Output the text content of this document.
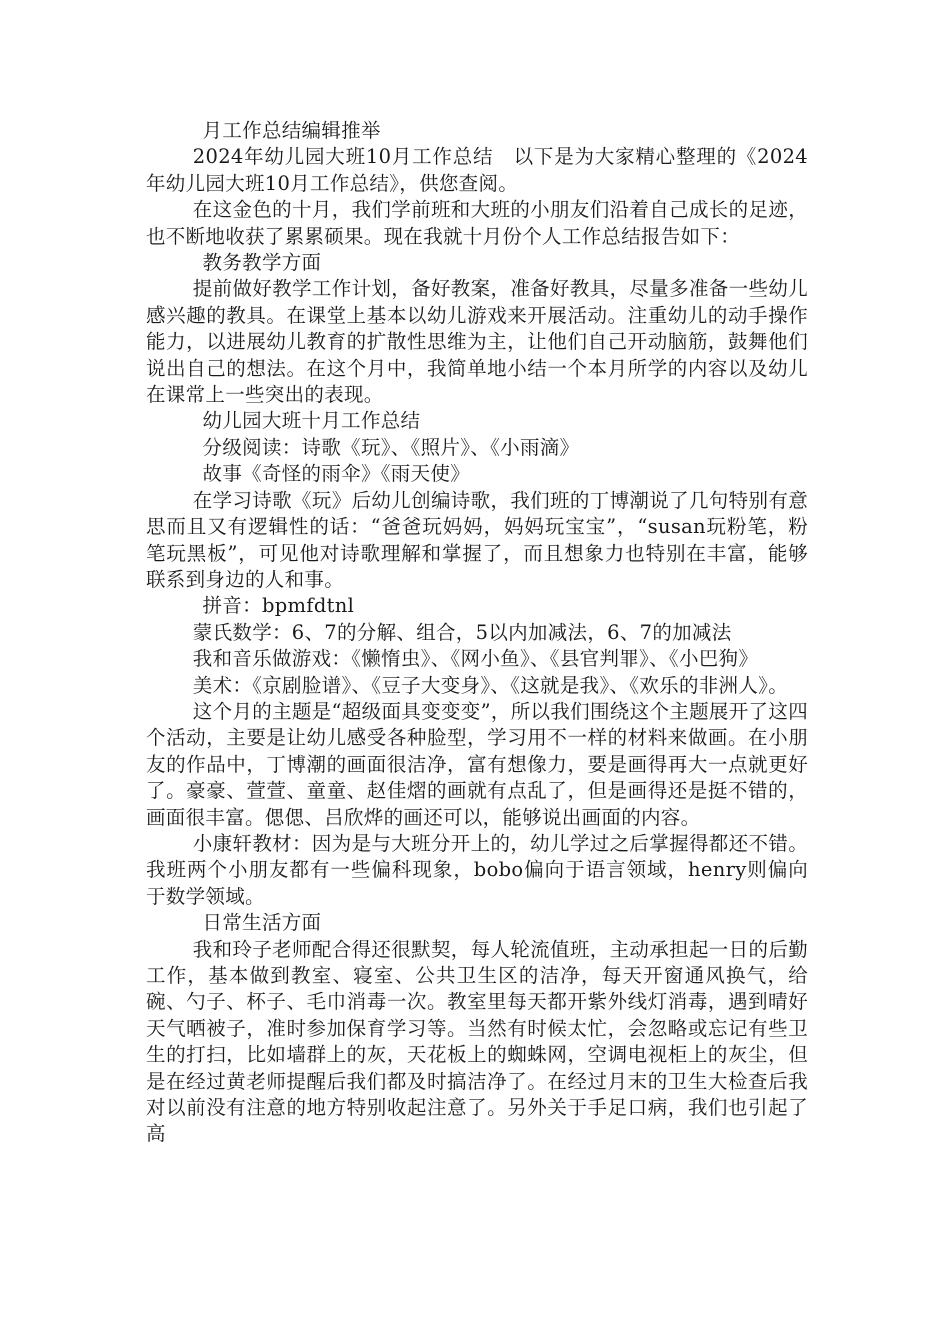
月工作总结编辑推举

2024年幼儿园大班10月工作总结　以下是为大家精心整理的《2024年幼儿园大班10月工作总结》，供您查阅。

在这金色的十月，我们学前班和大班的小朋友们沿着自己成长的足迹，也不断地收获了累累硕果。现在我就十月份个人工作总结报告如下：

教务教学方面

提前做好教学工作计划，备好教案，准备好教具，尽量多准备一些幼儿感兴趣的教具。在课堂上基本以幼儿游戏来开展活动。注重幼儿的动手操作能力，以进展幼儿教育的扩散性思维为主，让他们自己开动脑筋，鼓舞他们说出自己的想法。在这个月中，我简单地小结一个本月所学的内容以及幼儿在课常上一些突出的表现。

幼儿园大班十月工作总结

分级阅读：诗歌《玩》、《照片》、《小雨滴》

故事《奇怪的雨伞》《雨天使》

在学习诗歌《玩》后幼儿创编诗歌，我们班的丁博潮说了几句特别有意思而且又有逻辑性的话：“爸爸玩妈妈，妈妈玩宝宝”，“susan玩粉笔，粉笔玩黑板”，可见他对诗歌理解和掌握了，而且想象力也特别在丰富，能够联系到身边的人和事。

拼音：bpmfdtnl

蒙氏数学：6、7的分解、组合，5以内加减法，6、7的加减法

我和音乐做游戏：《懒惰虫》、《网小鱼》、《县官判罪》、《小巴狗》

美术：《京剧脸谱》、《豆子大变身》、《这就是我》、《欢乐的非洲人》。

这个月的主题是“超级面具变变变”，所以我们围绕这个主题展开了这四个活动，主要是让幼儿感受各种脸型，学习用不一样的材料来做画。在小朋友的作品中，丁博潮的画面很洁净，富有想像力，要是画得再大一点就更好了。豪豪、萱萱、童童、赵佳熠的画就有点乱了，但是画得还是挺不错的，画面很丰富。偲偲、吕欣烨的画还可以，能够说出画面的内容。

小康轩教材：因为是与大班分开上的，幼儿学过之后掌握得都还不错。我班两个小朋友都有一些偏科现象，bobo偏向于语言领域，henry则偏向于数学领域。

日常生活方面

我和玲子老师配合得还很默契，每人轮流值班，主动承担起一日的后勤工作，基本做到教室、寝室、公共卫生区的洁净，每天开窗通风换气，给碗、勺子、杯子、毛巾消毒一次。教室里每天都开紫外线灯消毒，遇到晴好天气晒被子，准时参加保育学习等。当然有时候太忙，会忽略或忘记有些卫生的打扫，比如墙群上的灰，天花板上的蜘蛛网，空调电视柜上的灰尘，但是在经过黄老师提醒后我们都及时搞洁净了。在经过月末的卫生大检查后我对以前没有注意的地方特别收起注意了。另外关于手足口病，我们也引起了高
